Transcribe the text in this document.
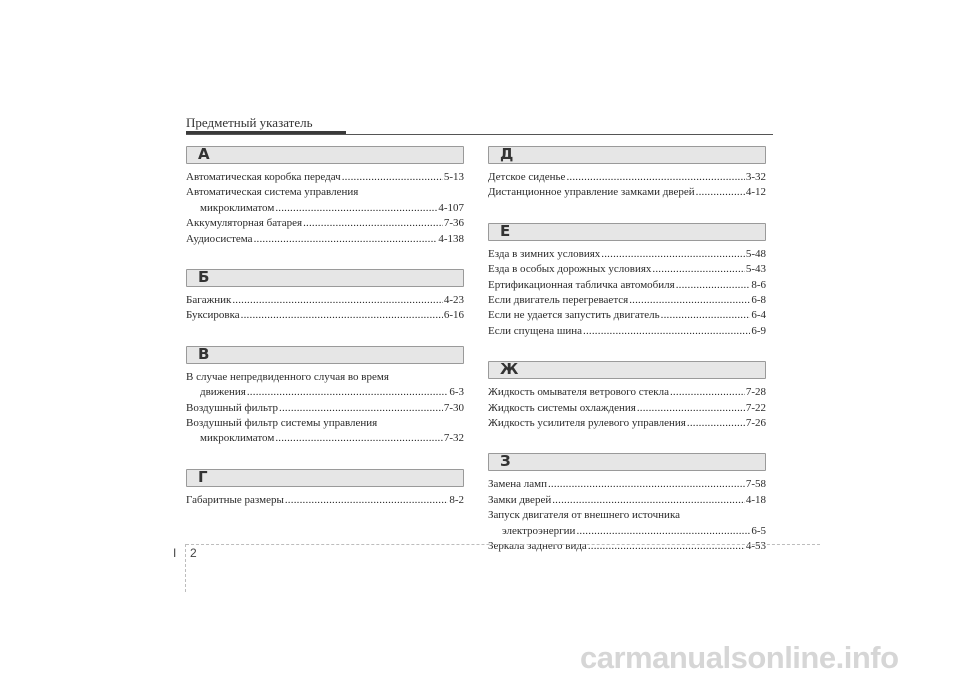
Предметный указатель
А
Автоматическая коробка передач .....	5-13
Автоматическая система управления
микроклиматом .....	4-107
Аккумуляторная батарея .....	7-36
Аудиосистема .....	4-138
Б
Багажник .....	4-23
Буксировка .....	6-16
В
В случае непредвиденного случая во время
движения .....	6-3
Воздушный фильтр .....	7-30
Воздушный фильтр системы управления
микроклиматом .....	7-32
Г
Габаритные размеры .....	8-2
Д
Детское сиденье .....	3-32
Дистанционное управление замками дверей .....	4-12
Е
Езда в зимних условиях .....	5-48
Езда в особых дорожных условиях .....	5-43
Ертификационная табличка автомобиля .....	8-6
Если двигатель перегревается .....	6-8
Если не удается запустить двигатель .....	6-4
Если спущена шина .....	6-9
Ж
Жидкость омывателя ветрового стекла .....	7-28
Жидкость системы охлаждения .....	7-22
Жидкость усилителя рулевого управления .....	7-26
З
Замена ламп .....	7-58
Замки дверей .....	4-18
Запуск двигателя от внешнего источника
электроэнергии .....	6-5
Зеркала заднего вида .....	4-53
I 2
carmanualsonline.info
